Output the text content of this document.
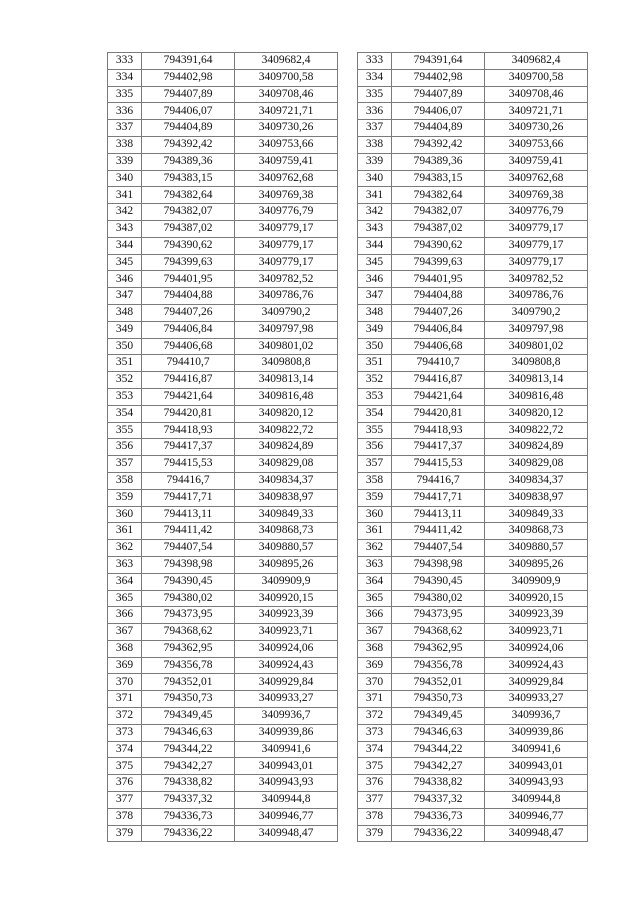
333	794391,64	3409682,4
334	794402,98	3409700,58
335	794407,89	3409708,46
336	794406,07	3409721,71
337	794404,89	3409730,26
338	794392,42	3409753,66
339	794389,36	3409759,41
340	794383,15	3409762,68
341	794382,64	3409769,38
342	794382,07	3409776,79
343	794387,02	3409779,17
344	794390,62	3409779,17
345	794399,63	3409779,17
346	794401,95	3409782,52
347	794404,88	3409786,76
348	794407,26	3409790,2
349	794406,84	3409797,98
350	794406,68	3409801,02
351	794410,7	3409808,8
352	794416,87	3409813,14
353	794421,64	3409816,48
354	794420,81	3409820,12
355	794418,93	3409822,72
356	794417,37	3409824,89
357	794415,53	3409829,08
358	794416,7	3409834,37
359	794417,71	3409838,97
360	794413,11	3409849,33
361	794411,42	3409868,73
362	794407,54	3409880,57
363	794398,98	3409895,26
364	794390,45	3409909,9
365	794380,02	3409920,15
366	794373,95	3409923,39
367	794368,62	3409923,71
368	794362,95	3409924,06
369	794356,78	3409924,43
370	794352,01	3409929,84
371	794350,73	3409933,27
372	794349,45	3409936,7
373	794346,63	3409939,86
374	794344,22	3409941,6
375	794342,27	3409943,01
376	794338,82	3409943,93
377	794337,32	3409944,8
378	794336,73	3409946,77
379	794336,22	3409948,47
333	794391,64	3409682,4
334	794402,98	3409700,58
335	794407,89	3409708,46
336	794406,07	3409721,71
337	794404,89	3409730,26
338	794392,42	3409753,66
339	794389,36	3409759,41
340	794383,15	3409762,68
341	794382,64	3409769,38
342	794382,07	3409776,79
343	794387,02	3409779,17
344	794390,62	3409779,17
345	794399,63	3409779,17
346	794401,95	3409782,52
347	794404,88	3409786,76
348	794407,26	3409790,2
349	794406,84	3409797,98
350	794406,68	3409801,02
351	794410,7	3409808,8
352	794416,87	3409813,14
353	794421,64	3409816,48
354	794420,81	3409820,12
355	794418,93	3409822,72
356	794417,37	3409824,89
357	794415,53	3409829,08
358	794416,7	3409834,37
359	794417,71	3409838,97
360	794413,11	3409849,33
361	794411,42	3409868,73
362	794407,54	3409880,57
363	794398,98	3409895,26
364	794390,45	3409909,9
365	794380,02	3409920,15
366	794373,95	3409923,39
367	794368,62	3409923,71
368	794362,95	3409924,06
369	794356,78	3409924,43
370	794352,01	3409929,84
371	794350,73	3409933,27
372	794349,45	3409936,7
373	794346,63	3409939,86
374	794344,22	3409941,6
375	794342,27	3409943,01
376	794338,82	3409943,93
377	794337,32	3409944,8
378	794336,73	3409946,77
379	794336,22	3409948,47
